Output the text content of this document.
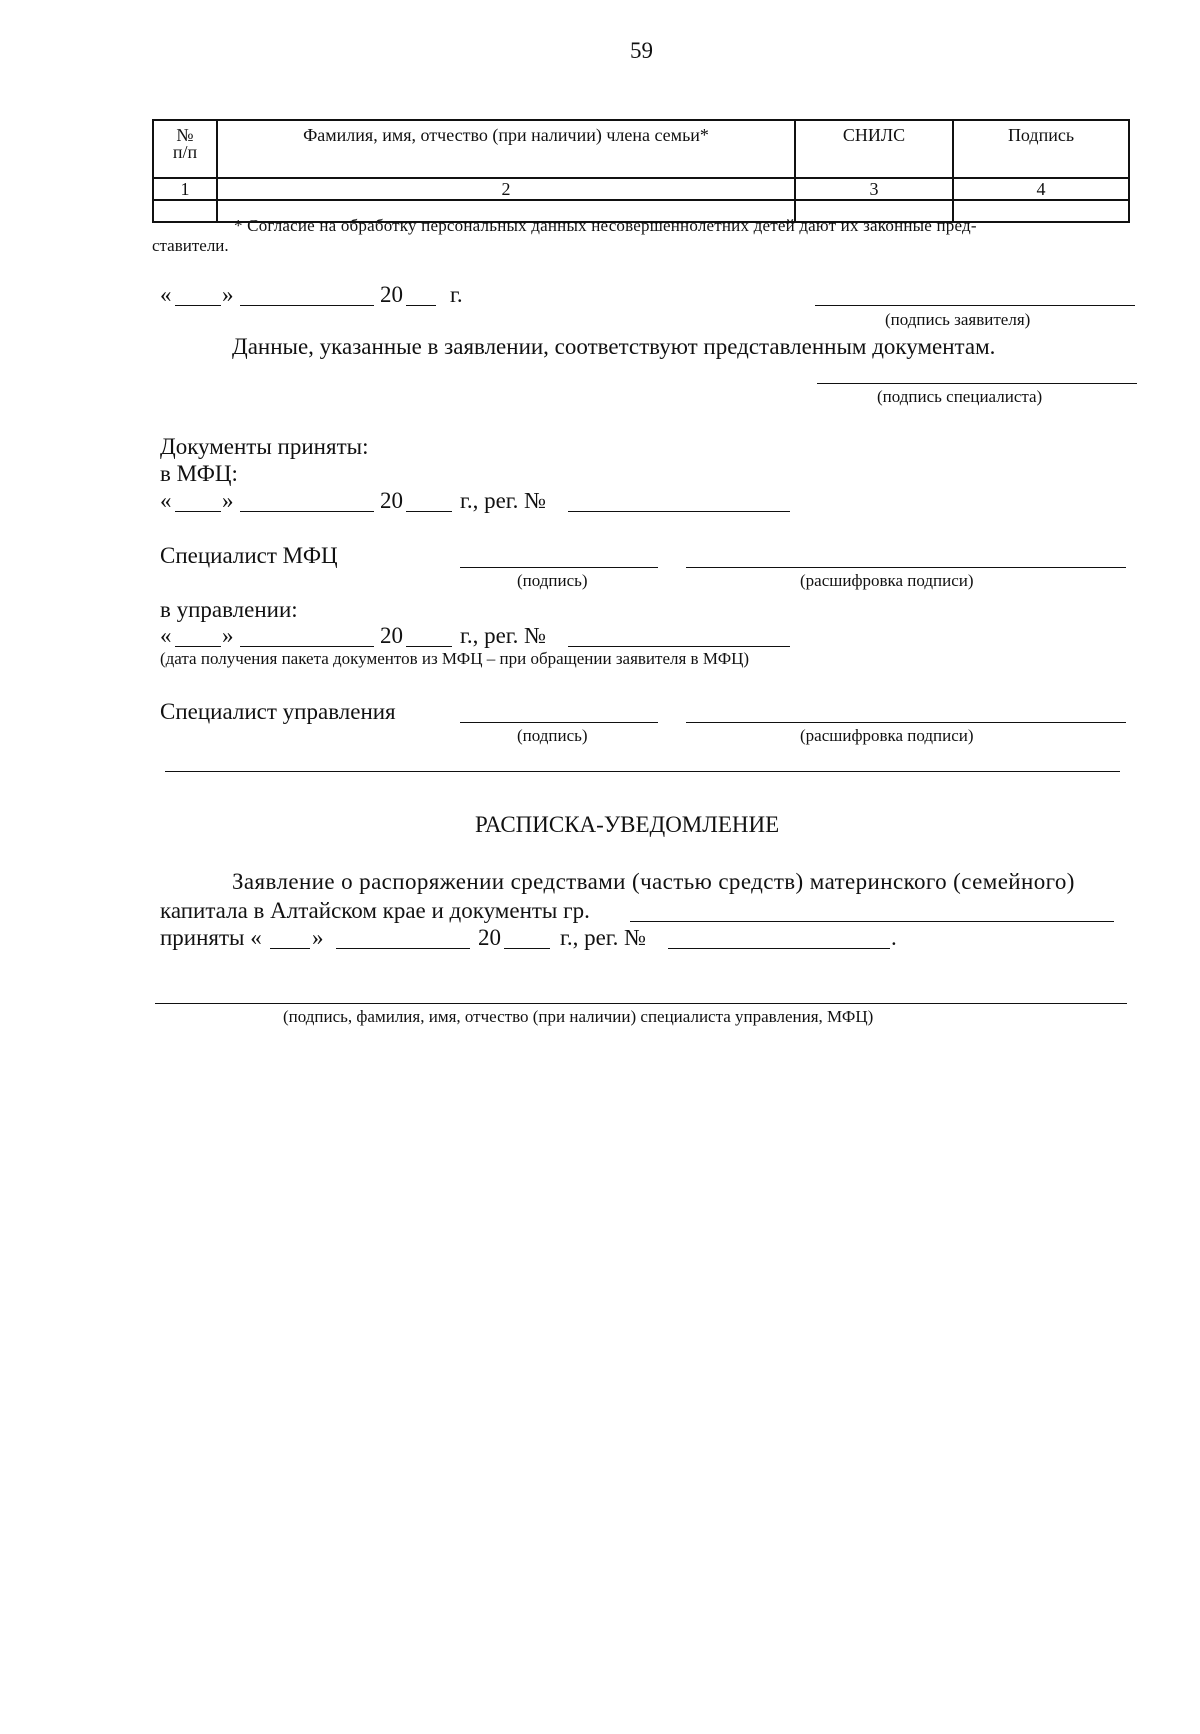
59
№
п/п	Фамилия, имя, отчество (при наличии) члена семьи*	СНИЛС	Подпись
1	2	3	4

* Согласие на обработку персональных данных несовершеннолетних детей дают их законные пред-
ставители.
« »	20 г.
(подпись заявителя)
Данные, указанные в заявлении, соответствуют представленным документам.
(подпись специалиста)
Документы приняты:
в МФЦ:
« »	20 г., рег. №
Специалист МФЦ
(подпись)	(расшифровка подписи)
в управлении:
« »	20 г., рег. №
(дата получения пакета документов из МФЦ – при обращении заявителя в МФЦ)
Специалист управления
(подпись)	(расшифровка подписи)
РАСПИСКА-УВЕДОМЛЕНИЕ
Заявление о распоряжении средствами (частью средств) материнского (семейного)
капитала в Алтайском крае и документы гр.
приняты « »	20	г., рег. №	.
(подпись, фамилия, имя, отчество (при наличии) специалиста управления, МФЦ)
